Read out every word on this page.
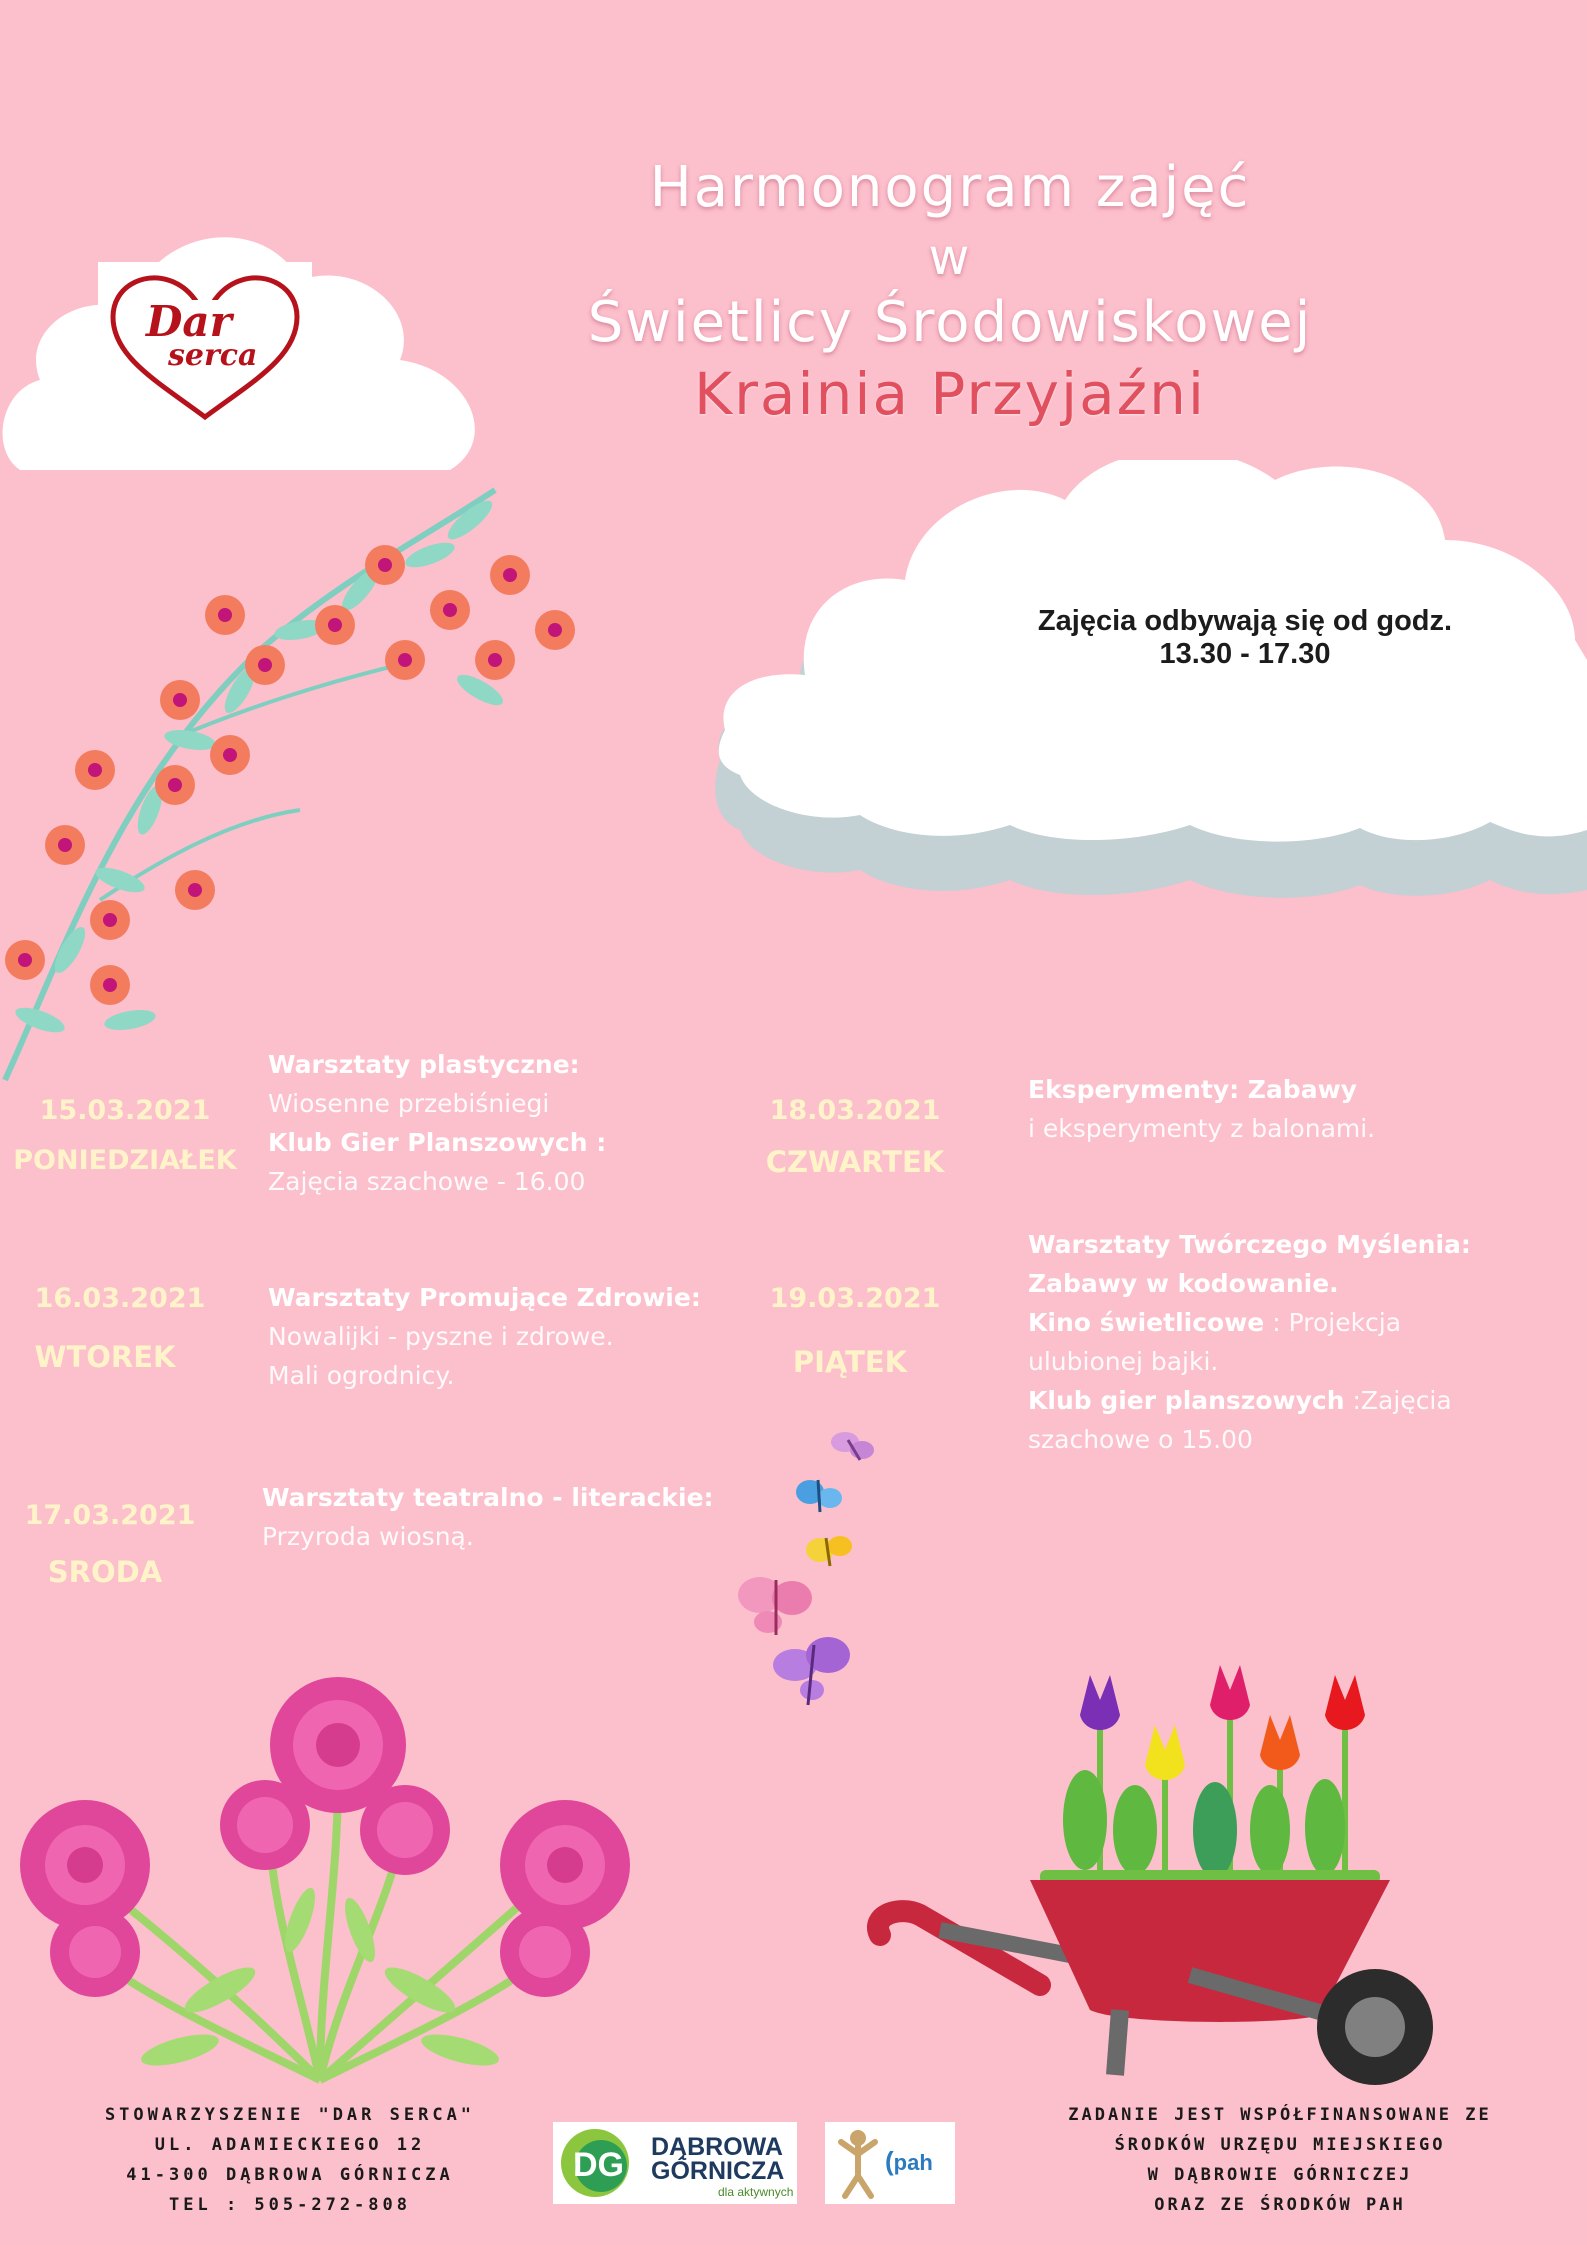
Dar
serca
Harmonogram zajęć
w
Świetlicy Środowiskowej
Krainia Przyjaźni
Zajęcia odbywają się od godz.
13.30 - 17.30
15.03.2021
PONIEDZIAŁEK
Warsztaty plastyczne:
Wiosenne przebiśniegi
Klub Gier Planszowych :
Zajęcia szachowe - 16.00
16.03.2021
WTOREK
Warsztaty Promujące Zdrowie:
Nowalijki - pyszne i zdrowe.
Mali ogrodnicy.
17.03.2021
SRODA
Warsztaty teatralno - literackie:
Przyroda wiosną.
18.03.2021
CZWARTEK
Eksperymenty: Zabawy
i eksperymenty z balonami.
19.03.2021
PIĄTEK
Warsztaty Twórczego Myślenia:
Zabawy w kodowanie.
Kino świetlicowe : Projekcja
ulubionej bajki.
Klub gier planszowych :Zajęcia
szachowe o 15.00
STOWARZYSZENIE "DAR SERCA"
UL. ADAMIECKIEGO 12
41-300 DĄBROWA GÓRNICZA
TEL : 505-272-808
DG DĄBROWA
GÓRNICZA
dla aktywnych
(pah
ZADANIE JEST WSPÓŁFINANSOWANE ZE
ŚRODKÓW URZĘDU MIEJSKIEGO
W DĄBROWIE GÓRNICZEJ
ORAZ ZE ŚRODKÓW PAH
